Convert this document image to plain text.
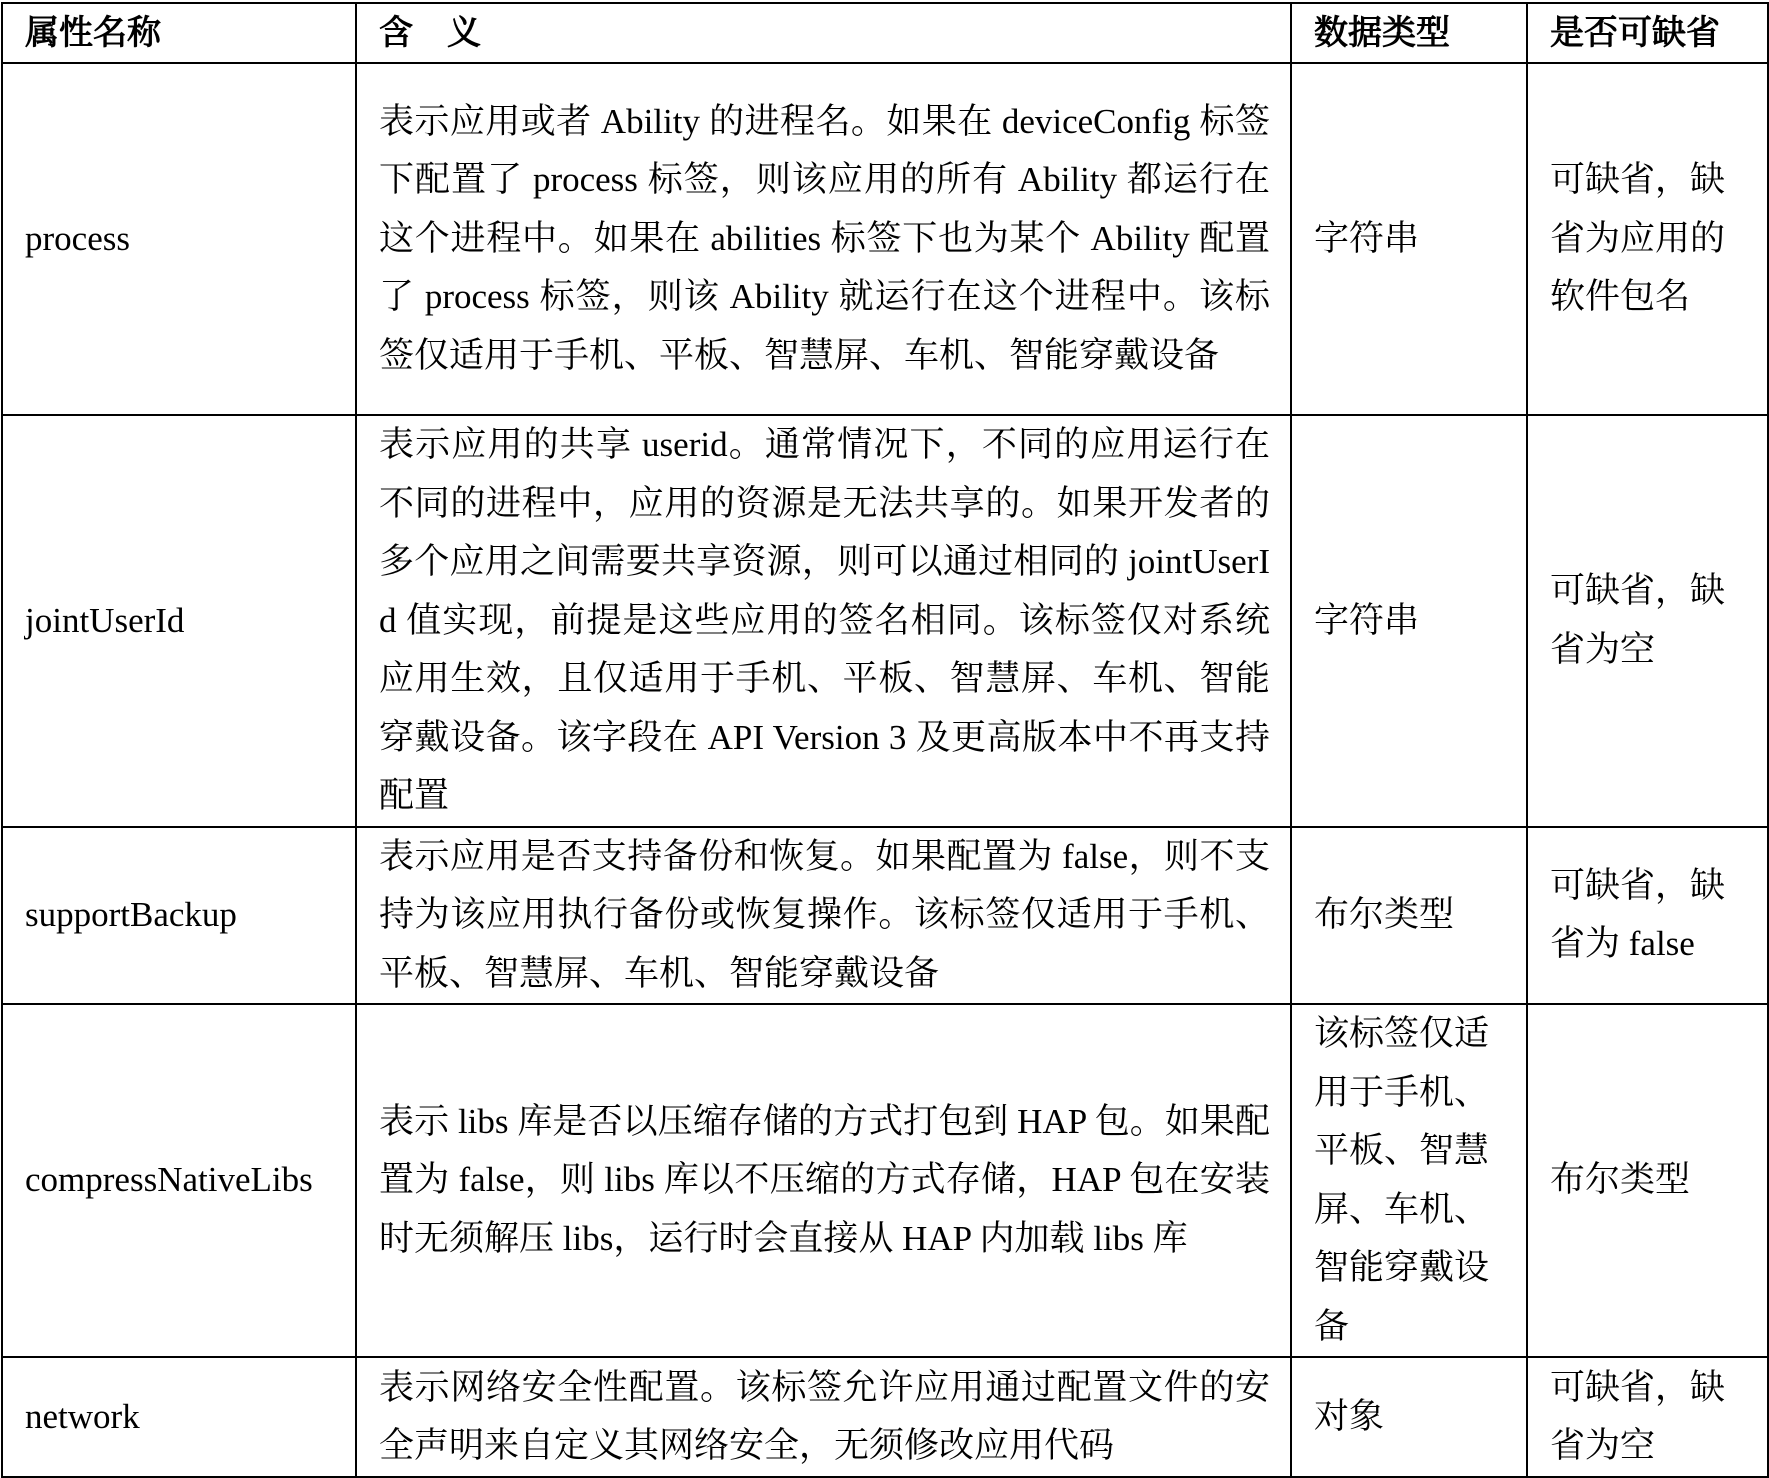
属性名称	含　义	数据类型	是否可缺省
process	表示应用或者 Ability 的进程名。如果在 deviceConfig 标签下配置了 process 标签，则该应用的所有 Ability 都运行在这个进程中。如果在 abilities 标签下也为某个 Ability 配置了 process 标签，则该 Ability 就运行在这个进程中。该标签仅适用于手机、平板、智慧屏、车机、智能穿戴设备	字符串	可缺省，缺省为应用的软件包名
jointUserId	表示应用的共享 userid。通常情况下，不同的应用运行在不同的进程中，应用的资源是无法共享的。如果开发者的多个应用之间需要共享资源，则可以通过相同的 jointUserId 值实现，前提是这些应用的签名相同。该标签仅对系统应用生效，且仅适用于手机、平板、智慧屏、车机、智能穿戴设备。该字段在 API Version 3 及更高版本中不再支持配置	字符串	可缺省，缺省为空
supportBackup	表示应用是否支持备份和恢复。如果配置为 false，则不支持为该应用执行备份或恢复操作。该标签仅适用于手机、平板、智慧屏、车机、智能穿戴设备	布尔类型	可缺省，缺省为 false
compressNativeLibs	表示 libs 库是否以压缩存储的方式打包到 HAP 包。如果配置为 false，则 libs 库以不压缩的方式存储，HAP 包在安装时无须解压 libs，运行时会直接从 HAP 内加载 libs 库	该标签仅适用于手机、平板、智慧屏、车机、智能穿戴设备	布尔类型
network	表示网络安全性配置。该标签允许应用通过配置文件的安全声明来自定义其网络安全，无须修改应用代码	对象	可缺省，缺省为空
